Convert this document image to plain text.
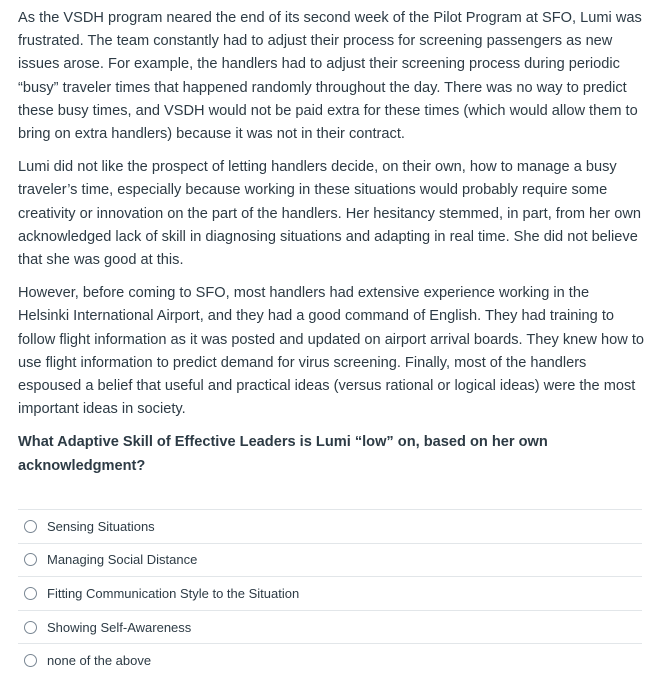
As the VSDH program neared the end of its second week of the Pilot Program at SFO, Lumi was frustrated. The team constantly had to adjust their process for screening passengers as new issues arose. For example, the handlers had to adjust their screening process during periodic “busy” traveler times that happened randomly throughout the day. There was no way to predict these busy times, and VSDH would not be paid extra for these times (which would allow them to bring on extra handlers) because it was not in their contract.

Lumi did not like the prospect of letting handlers decide, on their own, how to manage a busy traveler’s time, especially because working in these situations would probably require some creativity or innovation on the part of the handlers. Her hesitancy stemmed, in part, from her own acknowledged lack of skill in diagnosing situations and adapting in real time. She did not believe that she was good at this.

However, before coming to SFO, most handlers had extensive experience working in the Helsinki International Airport, and they had a good command of English. They had training to follow flight information as it was posted and updated on airport arrival boards. They knew how to use flight information to predict demand for virus screening. Finally, most of the handlers espoused a belief that useful and practical ideas (versus rational or logical ideas) were the most important ideas in society.

What Adaptive Skill of Effective Leaders is Lumi “low” on, based on her own acknowledgment?

Sensing Situations
Managing Social Distance
Fitting Communication Style to the Situation
Showing Self-Awareness
none of the above
